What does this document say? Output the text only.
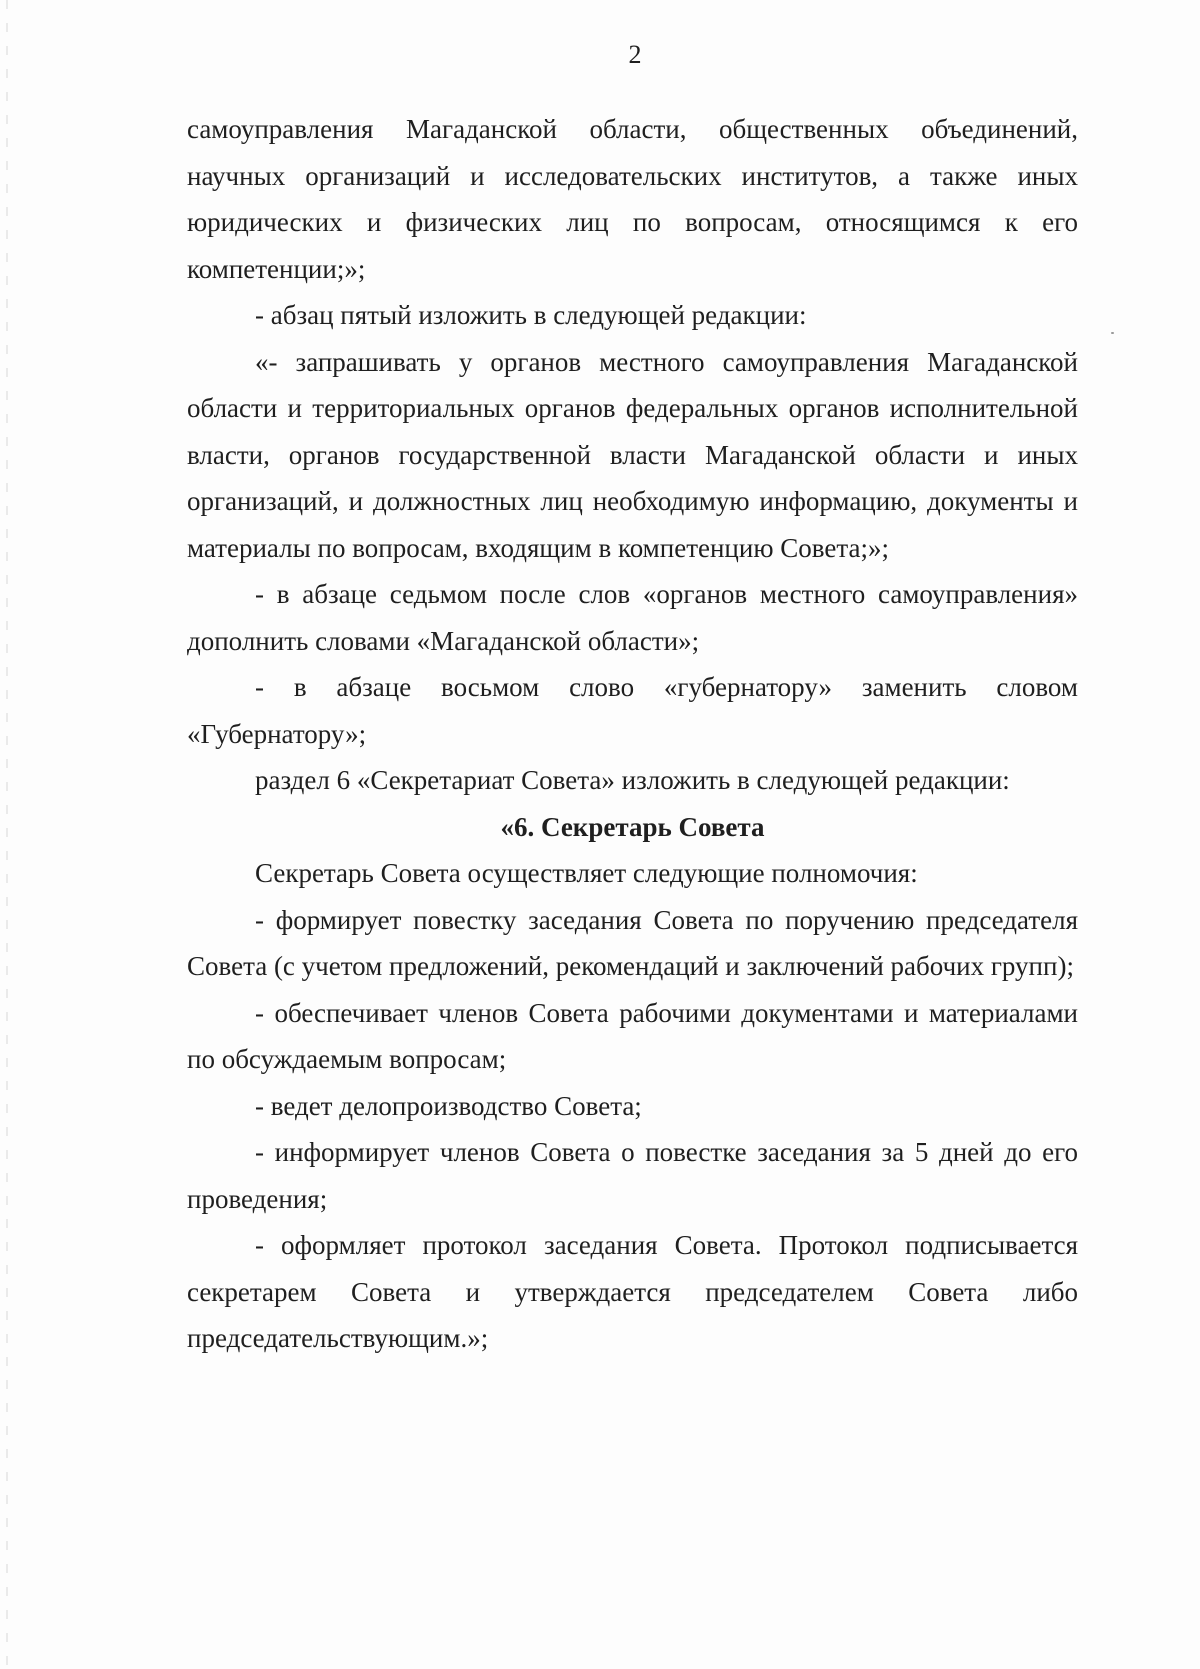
2

самоуправления Магаданской области, общественных объединений, научных организаций и исследовательских институтов, а также иных юридических и физических лиц по вопросам, относящимся к его компетенции;»;

- абзац пятый изложить в следующей редакции:

«- запрашивать у органов местного самоуправления Магаданской области и территориальных органов федеральных органов исполнительной власти, органов государственной власти Магаданской области и иных организаций, и должностных лиц необходимую информацию, документы и материалы по вопросам, входящим в компетенцию Совета;»;

- в абзаце седьмом после слов «органов местного самоуправления» дополнить словами «Магаданской области»;

- в абзаце восьмом слово «губернатору» заменить словом «Губернатору»;

раздел 6 «Секретариат Совета» изложить в следующей редакции:

«6. Секретарь Совета

Секретарь Совета осуществляет следующие полномочия:

- формирует повестку заседания Совета по поручению председателя Совета (с учетом предложений, рекомендаций и заключений рабочих групп);

- обеспечивает членов Совета рабочими документами и материалами по обсуждаемым вопросам;

- ведет делопроизводство Совета;

- информирует членов Совета о повестке заседания за 5 дней до его проведения;

- оформляет протокол заседания Совета. Протокол подписывается секретарем Совета и утверждается председателем Совета либо председательствующим.»;
